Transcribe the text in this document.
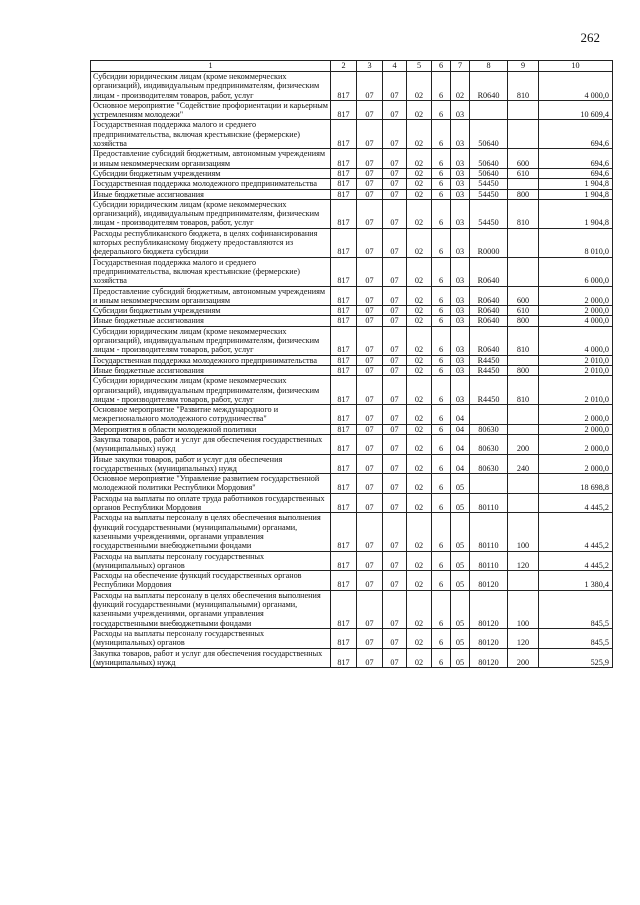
262
1	2	3	4	5	6	7	8	9	10
Субсидии юридическим лицам (кроме некоммерческих организаций), индивидуальным предпринимателям, физическим лицам - производителям товаров, работ, услуг	817	07	07	02	6	02	R0640	810	4 000,0
Основное мероприятие "Содействие профориентации и карьерным устремлениям молодежи"	817	07	07	02	6	03			10 609,4
Государственная поддержка малого и среднего предпринимательства, включая крестьянские (фермерские) хозяйства	817	07	07	02	6	03	50640		694,6
Предоставление субсидий бюджетным, автономным учреждениям и иным некоммерческим организациям	817	07	07	02	6	03	50640	600	694,6
Субсидии бюджетным учреждениям	817	07	07	02	6	03	50640	610	694,6
Государственная поддержка молодежного предпринимательства	817	07	07	02	6	03	54450		1 904,8
Иные бюджетные ассигнования	817	07	07	02	6	03	54450	800	1 904,8
Субсидии юридическим лицам (кроме некоммерческих организаций), индивидуальным предпринимателям, физическим лицам - производителям товаров, работ, услуг	817	07	07	02	6	03	54450	810	1 904,8
Расходы республиканского бюджета, в целях софинансирования которых республиканскому бюджету предоставляются из федерального бюджета субсидии	817	07	07	02	6	03	R0000		8 010,0
Государственная поддержка малого и среднего предпринимательства, включая крестьянские (фермерские) хозяйства	817	07	07	02	6	03	R0640		6 000,0
Предоставление субсидий бюджетным, автономным учреждениям и иным некоммерческим организациям	817	07	07	02	6	03	R0640	600	2 000,0
Субсидии бюджетным учреждениям	817	07	07	02	6	03	R0640	610	2 000,0
Иные бюджетные ассигнования	817	07	07	02	6	03	R0640	800	4 000,0
Субсидии юридическим лицам (кроме некоммерческих организаций), индивидуальным предпринимателям, физическим лицам - производителям товаров, работ, услуг	817	07	07	02	6	03	R0640	810	4 000,0
Государственная поддержка молодежного предпринимательства	817	07	07	02	6	03	R4450		2 010,0
Иные бюджетные ассигнования	817	07	07	02	6	03	R4450	800	2 010,0
Субсидии юридическим лицам (кроме некоммерческих организаций), индивидуальным предпринимателям, физическим лицам - производителям товаров, работ, услуг	817	07	07	02	6	03	R4450	810	2 010,0
Основное мероприятие "Развитие международного и межрегионального молодежного сотрудничества"	817	07	07	02	6	04			2 000,0
Мероприятия в области молодежной политики	817	07	07	02	6	04	80630		2 000,0
Закупка товаров, работ и услуг для обеспечения государственных (муниципальных) нужд	817	07	07	02	6	04	80630	200	2 000,0
Иные закупки товаров, работ и услуг для обеспечения государственных (муниципальных) нужд	817	07	07	02	6	04	80630	240	2 000,0
Основное мероприятие "Управление развитием государственной молодежной политики Республики Мордовия"	817	07	07	02	6	05			18 698,8
Расходы на выплаты по оплате труда работников государственных органов Республики Мордовия	817	07	07	02	6	05	80110		4 445,2
Расходы на выплаты персоналу в целях обеспечения выполнения функций государственными (муниципальными) органами, казенными учреждениями, органами управления государственными внебюджетными фондами	817	07	07	02	6	05	80110	100	4 445,2
Расходы на выплаты персоналу государственных (муниципальных) органов	817	07	07	02	6	05	80110	120	4 445,2
Расходы на обеспечение функций государственных органов Республики Мордовия	817	07	07	02	6	05	80120		1 380,4
Расходы на выплаты персоналу в целях обеспечения выполнения функций государственными (муниципальными) органами, казенными учреждениями, органами управления государственными внебюджетными фондами	817	07	07	02	6	05	80120	100	845,5
Расходы на выплаты персоналу государственных (муниципальных) органов	817	07	07	02	6	05	80120	120	845,5
Закупка товаров, работ и услуг для обеспечения государственных (муниципальных) нужд	817	07	07	02	6	05	80120	200	525,9
